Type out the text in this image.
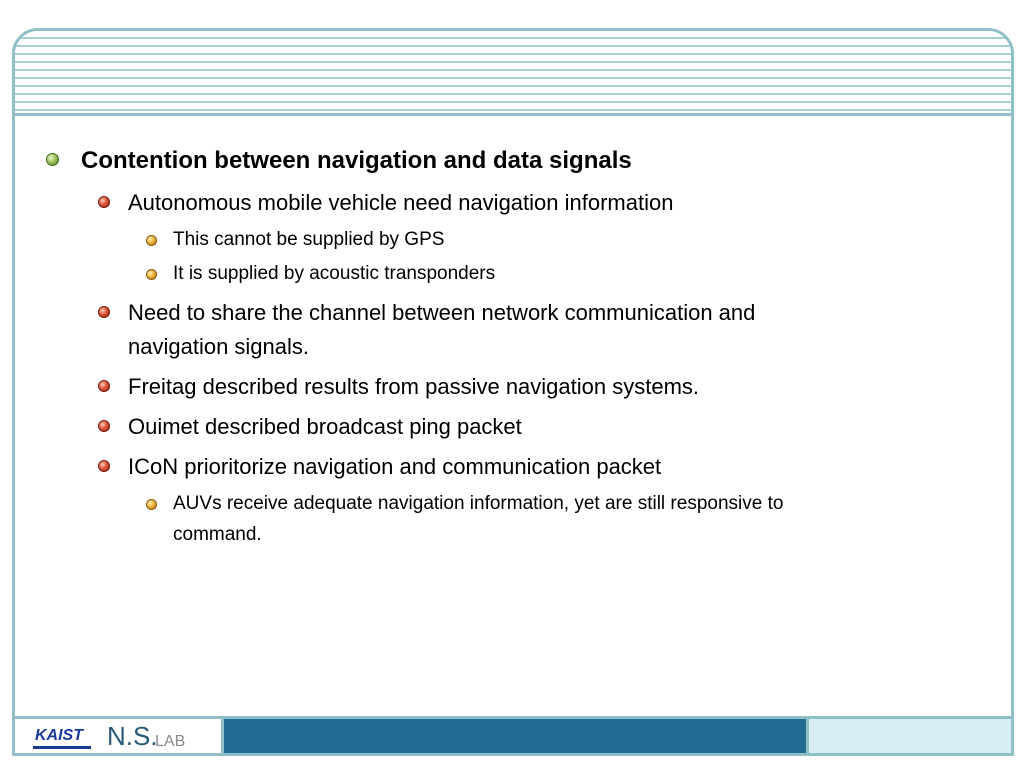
Contention between navigation and data signals
Autonomous mobile vehicle need navigation information
This cannot be supplied by GPS
It is supplied by acoustic transponders
Need to share the channel between network communication and
navigation signals.
Freitag described results from passive navigation systems.
Ouimet described broadcast ping packet
ICoN prioritorize navigation and communication packet
AUVs receive adequate navigation information, yet are still responsive to
command.
KAIST N.S.
LAB
